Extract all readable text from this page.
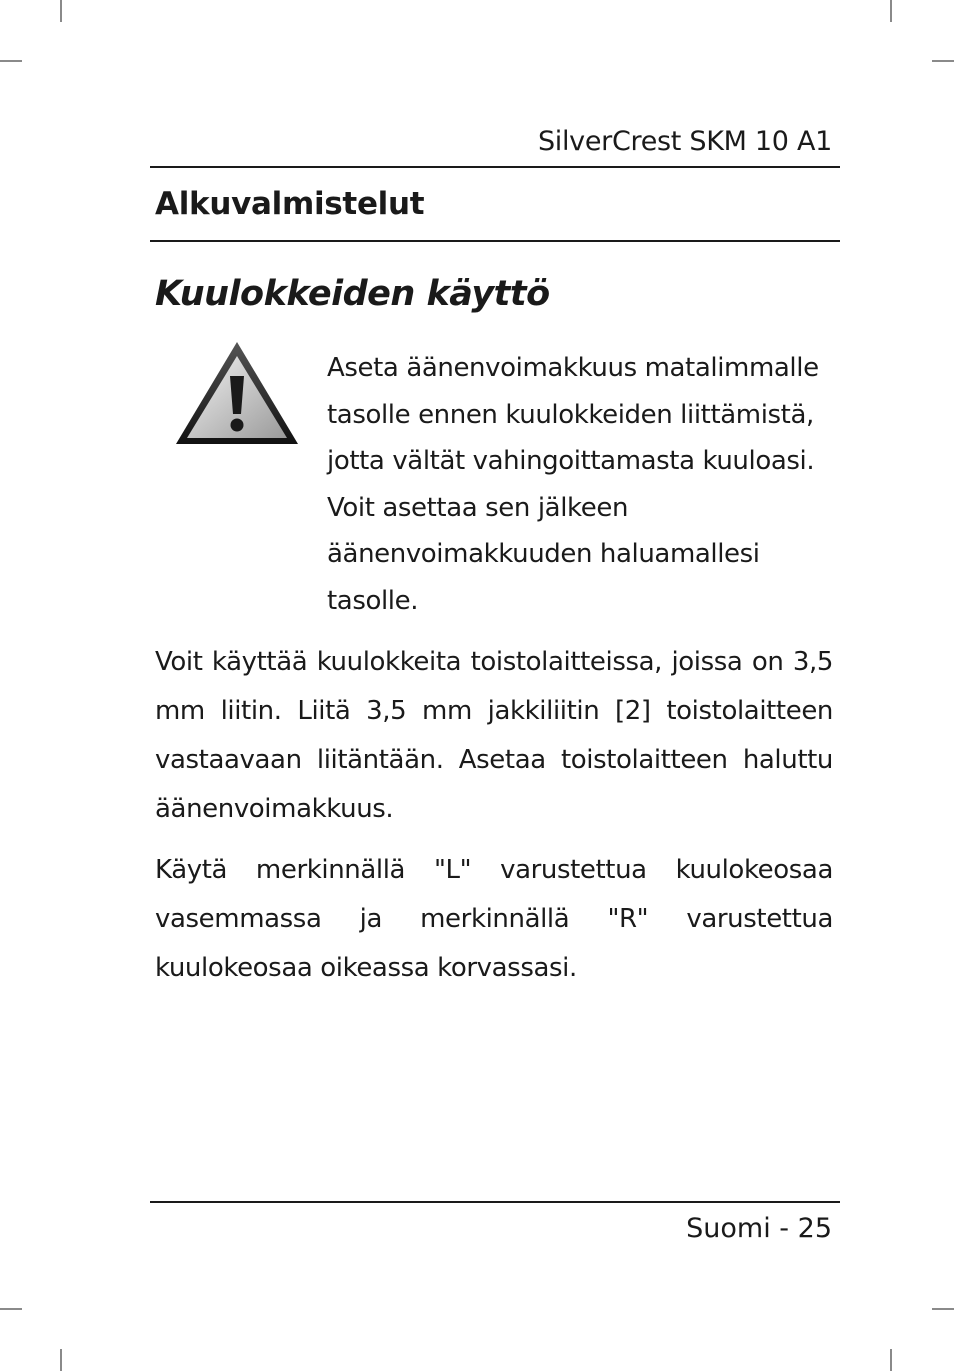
SilverCrest SKM 10 A1
Alkuvalmistelut
Kuulokkeiden käyttö
Aseta äänenvoimakkuus matalimmalle
tasolle ennen kuulokkeiden liittämistä,
jotta vältät vahingoittamasta kuuloasi.
Voit asettaa sen jälkeen
äänenvoimakkuuden haluamallesi
tasolle.
Voit käyttää kuulokkeita toistolaitteissa, joissa on 3,5 mm liitin. Liitä 3,5 mm jakkiliitin [2] toistolaitteen vastaavaan liitäntään. Asetaa toistolaitteen haluttu äänenvoimakkuus.
Käytä merkinnällä "L" varustettua kuulokeosaa vasemmassa ja merkinnällä "R" varustettua kuulokeosaa oikeassa korvassasi.
Suomi - 25
